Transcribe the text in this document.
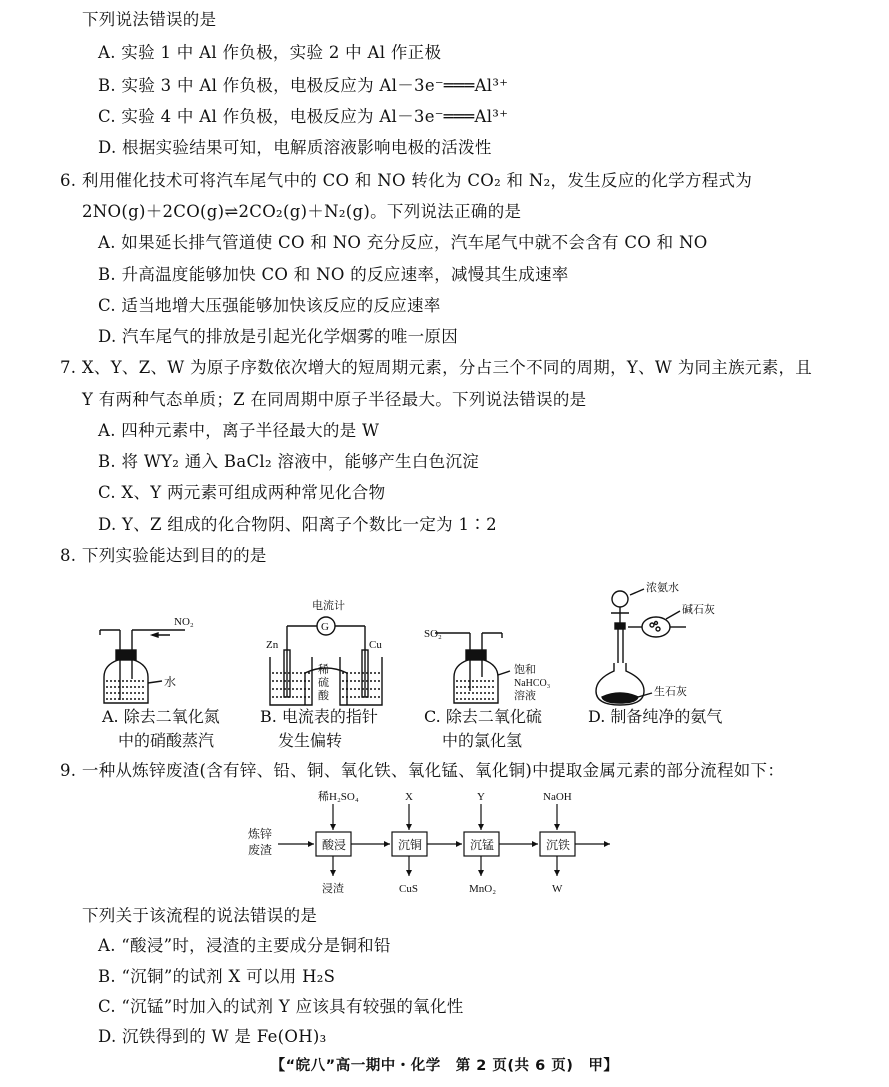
下列说法错误的是
A. 实验 1 中 Al 作负极，实验 2 中 Al 作正极
B. 实验 3 中 Al 作负极，电极反应为 Al－3e⁻═══Al³⁺
C. 实验 4 中 Al 作负极，电极反应为 Al－3e⁻═══Al³⁺
D. 根据实验结果可知，电解质溶液影响电极的活泼性
6. 利用催化技术可将汽车尾气中的 CO 和 NO 转化为 CO₂ 和 N₂，发生反应的化学方程式为
2NO(g)＋2CO(g)⇌2CO₂(g)＋N₂(g)。下列说法正确的是
A. 如果延长排气管道使 CO 和 NO 充分反应，汽车尾气中就不会含有 CO 和 NO
B. 升高温度能够加快 CO 和 NO 的反应速率，减慢其生成速率
C. 适当地增大压强能够加快该反应的反应速率
D. 汽车尾气的排放是引起光化学烟雾的唯一原因
7. X、Y、Z、W 为原子序数依次增大的短周期元素，分占三个不同的周期，Y、W 为同主族元素，且
Y 有两种气态单质；Z 在同周期中原子半径最大。下列说法错误的是
A. 四种元素中，离子半径最大的是 W
B. 将 WY₂ 通入 BaCl₂ 溶液中，能够产生白色沉淀
C. X、Y 两元素可组成两种常见化合物
D. Y、Z 组成的化合物阴、阳离子个数比一定为 1∶2
8. 下列实验能达到目的的是
NO₂
水
电流计
G
Zn	Cu
稀
硫
酸
SO₂
饱和
NaHCO₃
溶液
浓氨水
碱石灰
生石灰
A. 除去二氧化氮
中的硝酸蒸汽
B. 电流表的指针
发生偏转
C. 除去二氧化硫
中的氯化氢
D. 制备纯净的氨气
9. 一种从炼锌废渣(含有锌、铅、铜、氧化铁、氧化锰、氧化铜)中提取金属元素的部分流程如下：
炼锌
废渣	酸浸	沉铜	沉锰	沉铁
稀H₂SO₄	X	Y	NaOH
浸渣	CuS	MnO₂	W
下列关于该流程的说法错误的是
A. “酸浸”时，浸渣的主要成分是铜和铅
B. “沉铜”的试剂 X 可以用 H₂S
C. “沉锰”时加入的试剂 Y 应该具有较强的氧化性
D. 沉铁得到的 W 是 Fe(OH)₃
【“皖八”高一期中・化学　第 2 页(共 6 页)　甲】
